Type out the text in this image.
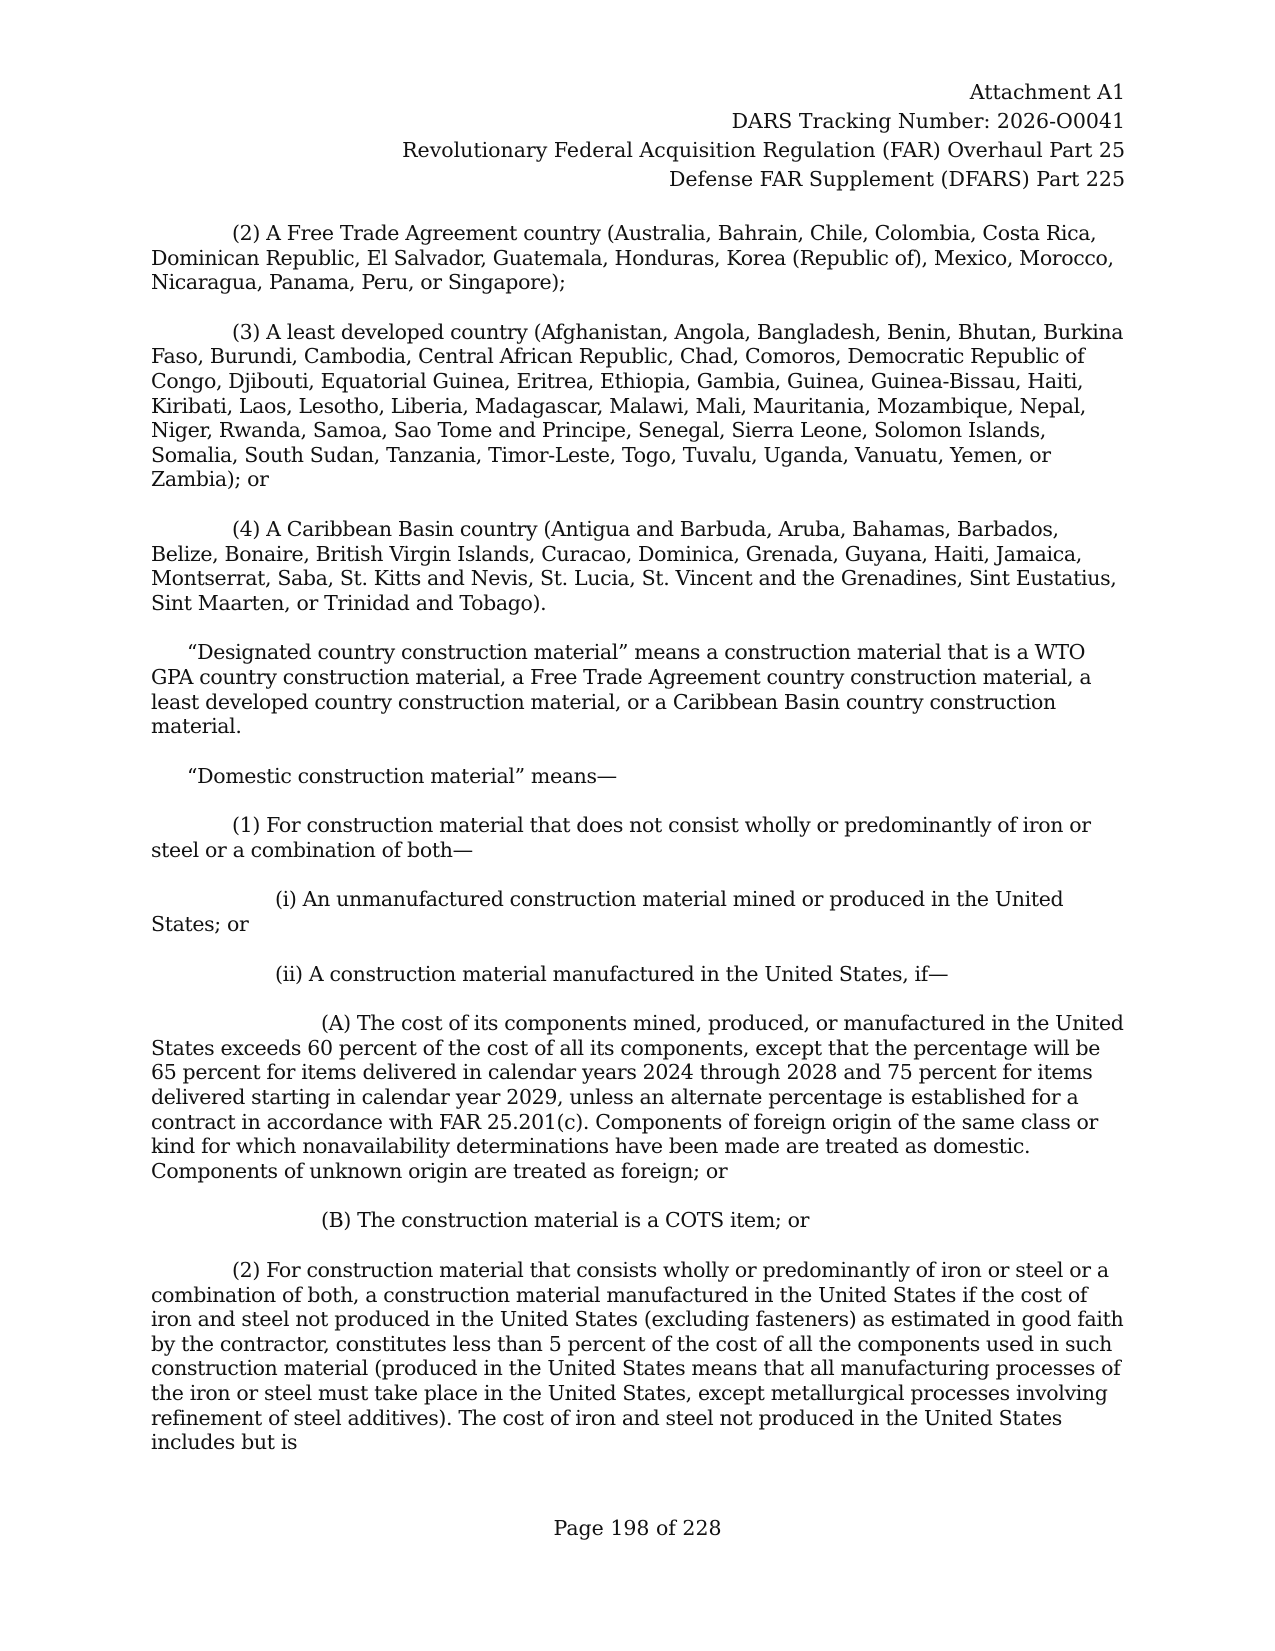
Attachment A1
DARS Tracking Number: 2026-O0041
Revolutionary Federal Acquisition Regulation (FAR) Overhaul Part 25
Defense FAR Supplement (DFARS) Part 225

(2) A Free Trade Agreement country (Australia, Bahrain, Chile, Colombia, Costa Rica, Dominican Republic, El Salvador, Guatemala, Honduras, Korea (Republic of), Mexico, Morocco, Nicaragua, Panama, Peru, or Singapore);

(3) A least developed country (Afghanistan, Angola, Bangladesh, Benin, Bhutan, Burkina Faso, Burundi, Cambodia, Central African Republic, Chad, Comoros, Democratic Republic of Congo, Djibouti, Equatorial Guinea, Eritrea, Ethiopia, Gambia, Guinea, Guinea-Bissau, Haiti, Kiribati, Laos, Lesotho, Liberia, Madagascar, Malawi, Mali, Mauritania, Mozambique, Nepal, Niger, Rwanda, Samoa, Sao Tome and Principe, Senegal, Sierra Leone, Solomon Islands, Somalia, South Sudan, Tanzania, Timor-Leste, Togo, Tuvalu, Uganda, Vanuatu, Yemen, or Zambia); or

(4) A Caribbean Basin country (Antigua and Barbuda, Aruba, Bahamas, Barbados, Belize, Bonaire, British Virgin Islands, Curacao, Dominica, Grenada, Guyana, Haiti, Jamaica, Montserrat, Saba, St. Kitts and Nevis, St. Lucia, St. Vincent and the Grenadines, Sint Eustatius, Sint Maarten, or Trinidad and Tobago).

“Designated country construction material” means a construction material that is a WTO GPA country construction material, a Free Trade Agreement country construction material, a least developed country construction material, or a Caribbean Basin country construction material.

“Domestic construction material” means—

(1) For construction material that does not consist wholly or predominantly of iron or steel or a combination of both—

(i) An unmanufactured construction material mined or produced in the United States; or

(ii) A construction material manufactured in the United States, if—

(A) The cost of its components mined, produced, or manufactured in the United States exceeds 60 percent of the cost of all its components, except that the percentage will be 65 percent for items delivered in calendar years 2024 through 2028 and 75 percent for items delivered starting in calendar year 2029, unless an alternate percentage is established for a contract in accordance with FAR 25.201(c). Components of foreign origin of the same class or kind for which nonavailability determinations have been made are treated as domestic. Components of unknown origin are treated as foreign; or

(B) The construction material is a COTS item; or

(2) For construction material that consists wholly or predominantly of iron or steel or a combination of both, a construction material manufactured in the United States if the cost of iron and steel not produced in the United States (excluding fasteners) as estimated in good faith by the contractor, constitutes less than 5 percent of the cost of all the components used in such construction material (produced in the United States means that all manufacturing processes of the iron or steel must take place in the United States, except metallurgical processes involving refinement of steel additives). The cost of iron and steel not produced in the United States includes but is

Page 198 of 228
